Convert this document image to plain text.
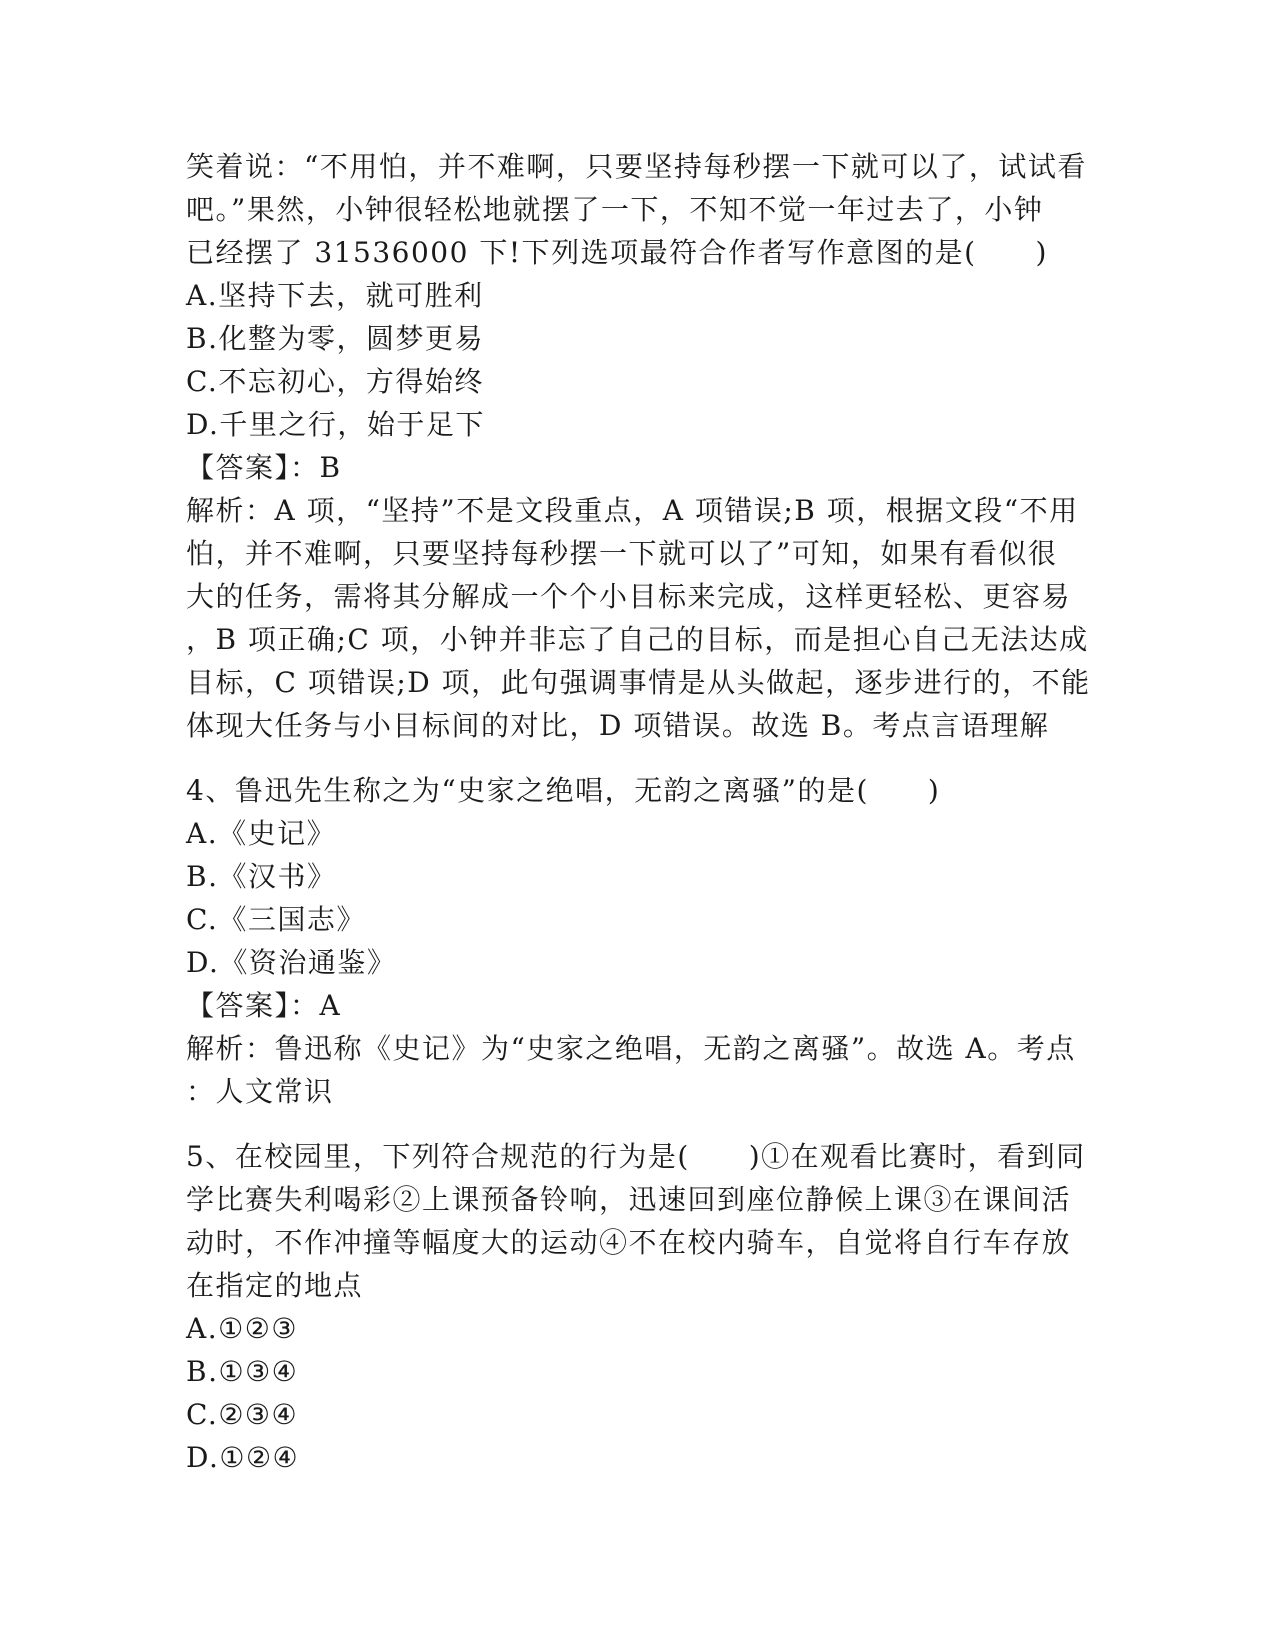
笑着说：“不用怕，并不难啊，只要坚持每秒摆一下就可以了，试试看
吧。”果然，小钟很轻松地就摆了一下，不知不觉一年过去了，小钟
已经摆了 31536000 下!下列选项最符合作者写作意图的是(　　)
A.坚持下去，就可胜利
B.化整为零，圆梦更易
C.不忘初心，方得始终
D.千里之行，始于足下
【答案】：B
解析：A 项，“坚持”不是文段重点，A 项错误;B 项，根据文段“不用
怕，并不难啊，只要坚持每秒摆一下就可以了”可知，如果有看似很
大的任务，需将其分解成一个个小目标来完成，这样更轻松、更容易
，B 项正确;C 项，小钟并非忘了自己的目标，而是担心自己无法达成
目标，C 项错误;D 项，此句强调事情是从头做起，逐步进行的，不能
体现大任务与小目标间的对比，D 项错误。故选 B。考点言语理解
4、鲁迅先生称之为“史家之绝唱，无韵之离骚”的是(　　)
A.《史记》
B.《汉书》
C.《三国志》
D.《资治通鉴》
【答案】：A
解析：鲁迅称《史记》为“史家之绝唱，无韵之离骚”。故选 A。考点
：人文常识
5、在校园里，下列符合规范的行为是(　　)①在观看比赛时，看到同
学比赛失利喝彩②上课预备铃响，迅速回到座位静候上课③在课间活
动时，不作冲撞等幅度大的运动④不在校内骑车，自觉将自行车存放
在指定的地点
A.①②③
B.①③④
C.②③④
D.①②④
